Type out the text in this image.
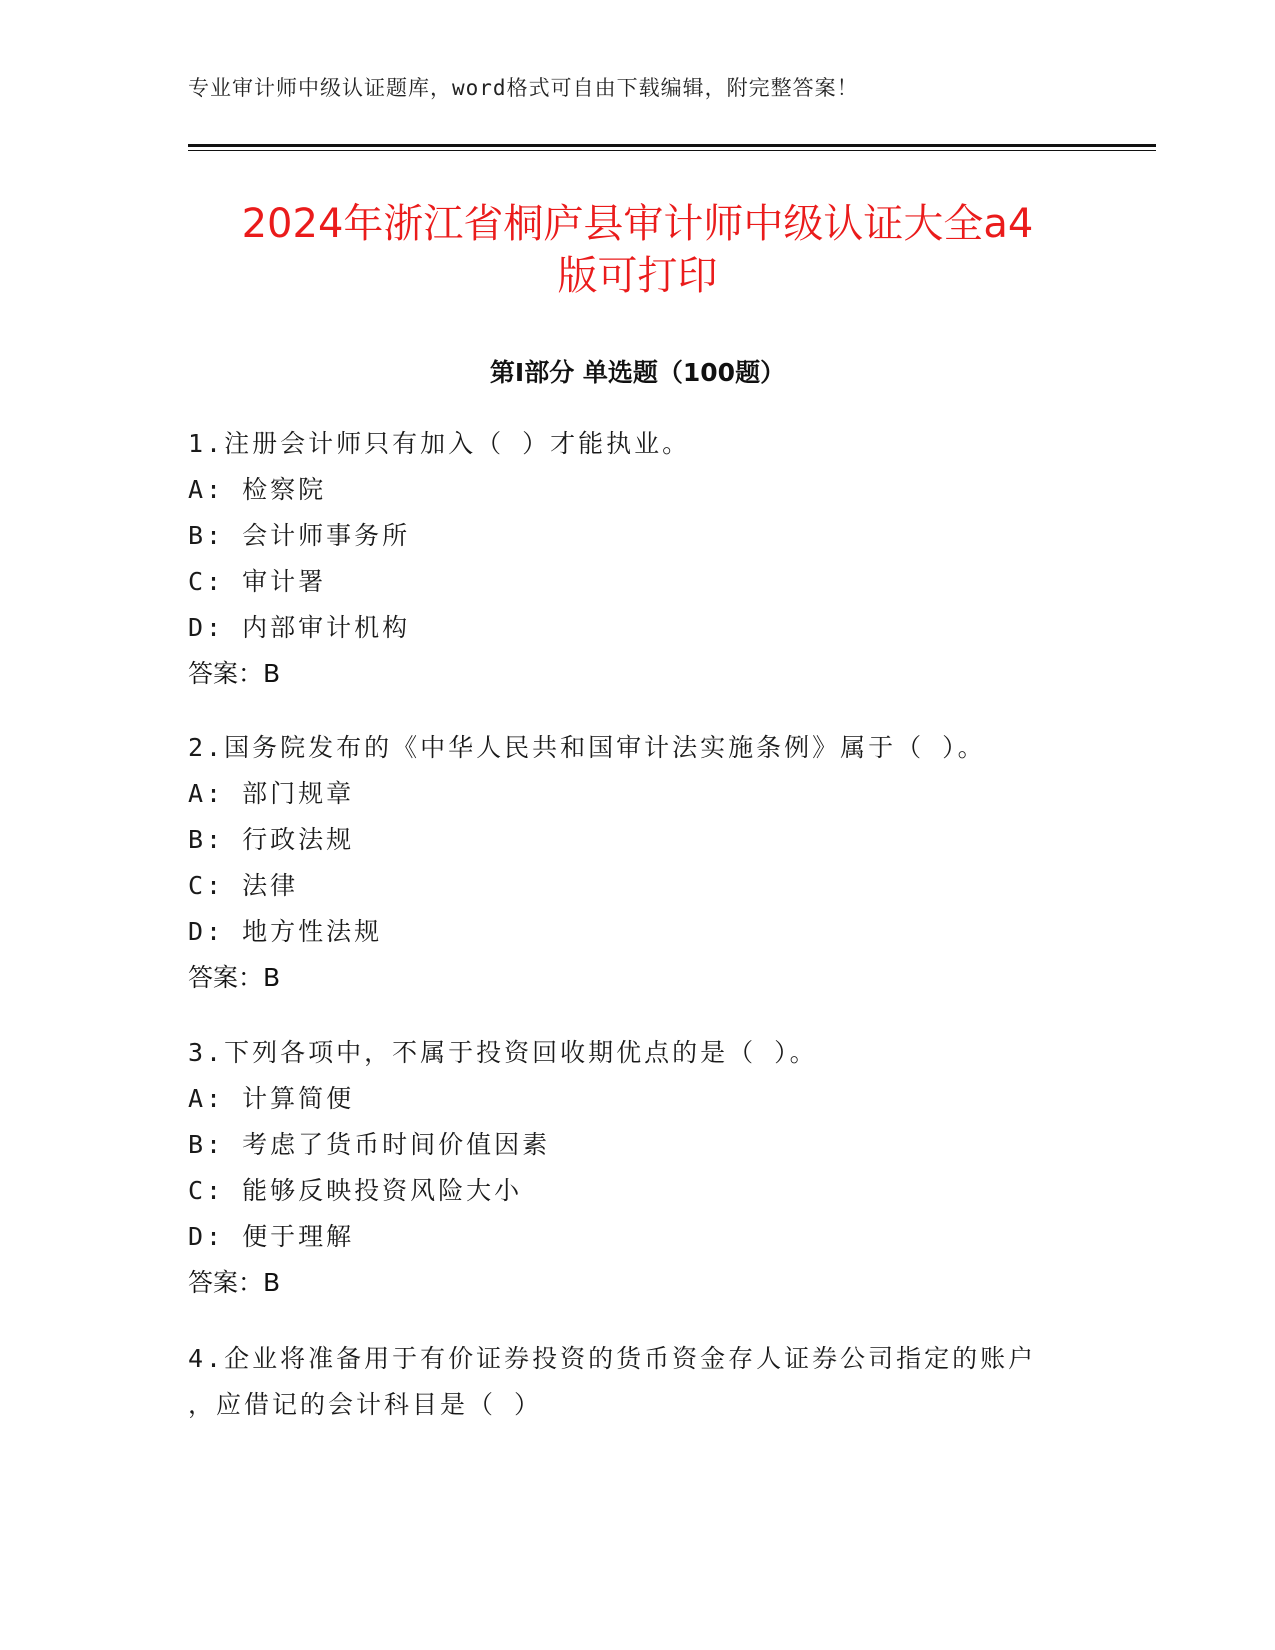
专业审计师中级认证题库，word格式可自由下载编辑，附完整答案！
2024年浙江省桐庐县审计师中级认证大全a4
版可打印
第Ⅰ部分 单选题（100题）
1.注册会计师只有加入（ ）才能执业。
A: 检察院
B: 会计师事务所
C: 审计署
D: 内部审计机构
答案：B
2.国务院发布的《中华人民共和国审计法实施条例》属于（ ）。
A: 部门规章
B: 行政法规
C: 法律
D: 地方性法规
答案：B
3.下列各项中，不属于投资回收期优点的是（ ）。
A: 计算简便
B: 考虑了货币时间价值因素
C: 能够反映投资风险大小
D: 便于理解
答案：B
4.企业将准备用于有价证券投资的货币资金存人证券公司指定的账户
，应借记的会计科目是（ ）
